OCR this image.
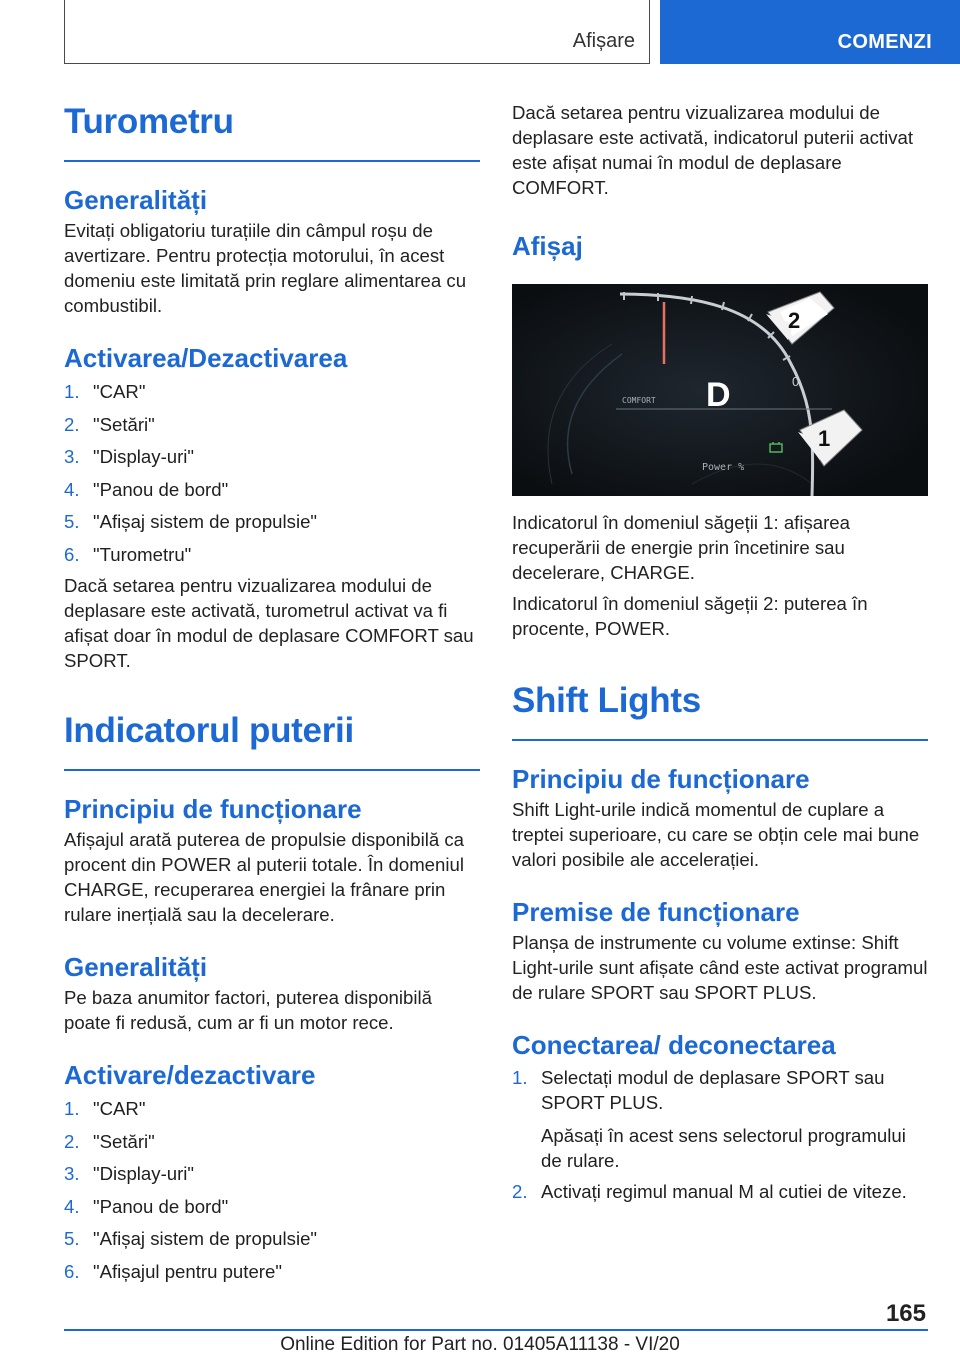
Afișare	COMENZI
Turometru
Generalități

Evitați obligatoriu turațiile din câmpul roșu de avertizare. Pentru protecția motorului, în acest domeniu este limitată prin reglare alimentarea cu combustibil.

Activarea/Dezactivarea
1. "CAR"
2. "Setări"
3. "Display-uri"
4. "Panou de bord"
5. "Afișaj sistem de propulsie"
6. "Turometru"

Dacă setarea pentru vizualizarea modului de deplasare este activată, turometrul activat va fi afișat doar în modul de deplasare COMFORT sau SPORT.

Indicatorul puterii
Principiu de funcționare

Afișajul arată puterea de propulsie disponibilă ca procent din POWER al puterii totale. În domeniul CHARGE, recuperarea energiei la frânare prin rulare inerțială sau la decelerare.

Generalități

Pe baza anumitor factori, puterea disponibilă poate fi redusă, cum ar fi un motor rece.

Activare/dezactivare
1. "CAR"
2. "Setări"
3. "Display-uri"
4. "Panou de bord"
5. "Afișaj sistem de propulsie"
6. "Afișajul pentru putere"

Dacă setarea pentru vizualizarea modului de deplasare este activată, indicatorul puterii activat este afișat numai în modul de deplasare COMFORT.

Afișaj
D
COMFORT
0
Power %
2
1

Indicatorul în domeniul săgeții 1: afișarea recuperării de energie prin încetinire sau decelerare, CHARGE.

Indicatorul în domeniul săgeții 2: puterea în procente, POWER.

Shift Lights
Principiu de funcționare

Shift Light-urile indică momentul de cuplare a treptei superioare, cu care se obțin cele mai bune valori posibile ale accelerației.

Premise de funcționare

Planșa de instrumente cu volume extinse: Shift Light-urile sunt afișate când este activat programul de rulare SPORT sau SPORT PLUS.

Conectarea/ deconectarea
1. Selectați modul de deplasare SPORT sau SPORT PLUS.
Apăsați în acest sens selectorul programului de rulare.
2. Activați regimul manual M al cutiei de viteze.
165
Online Edition for Part no. 01405A11138 - VI/20
